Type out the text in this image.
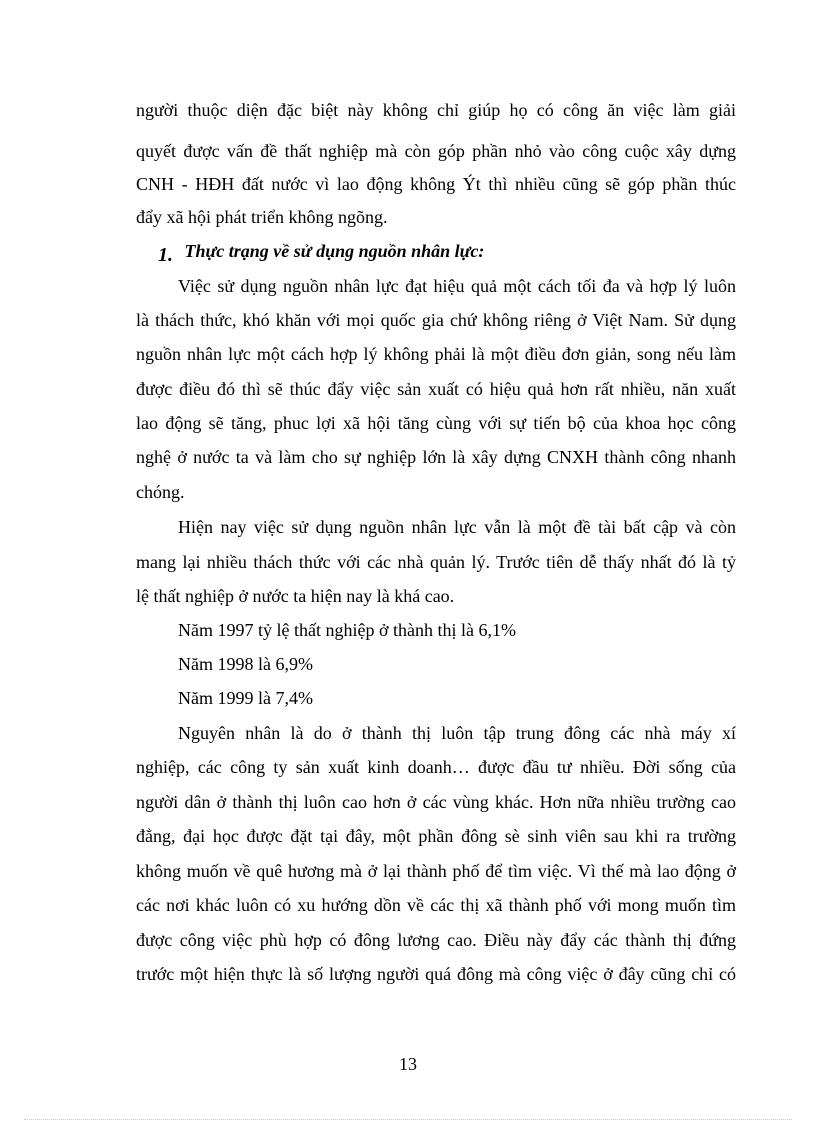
người thuộc diện đặc biệt này không chỉ giúp họ có công ăn việc làm giải
quyết được vấn đề thất nghiệp mà còn góp phần nhỏ vào công cuộc xây dựng
CNH - HĐH đất nước vì lao động không Ýt thì nhiều cũng sẽ góp phần thúc
đẩy xã hội phát triển không ngõng.
1. Thực trạng về sử dụng nguồn nhân lực:
Việc sử dụng nguồn nhân lực đạt hiệu quả một cách tối đa và hợp lý luôn
là thách thức, khó khăn với mọi quốc gia chứ không riêng ở Việt Nam. Sử dụng
nguồn nhân lực một cách hợp lý không phải là một điều đơn giản, song nếu làm
được điều đó thì sẽ thúc đẩy việc sản xuất có hiệu quả hơn rất nhiều, năn xuất
lao động sẽ tăng, phuc lợi xã hội tăng cùng với sự tiến bộ của khoa học công
nghệ ở nước ta và làm cho sự nghiệp lớn là xây dựng CNXH thành công nhanh
chóng.
Hiện nay việc sử dụng nguồn nhân lực vẫn là một đề tài bất cập và còn
mang lại nhiều thách thức với các nhà quản lý. Trước tiên dễ thấy nhất đó là tỷ
lệ thất nghiệp ở nước ta hiện nay là khá cao.
Năm 1997 tỷ lệ thất nghiệp ở thành thị là 6,1%
Năm 1998 là 6,9%
Năm 1999 là 7,4%
Nguyên nhân là do ở thành thị luôn tập trung đông các nhà máy xí
nghiệp, các công ty sản xuất kinh doanh… được đầu tư nhiều. Đời sống của
người dân ở thành thị luôn cao hơn ở các vùng khác. Hơn nữa nhiều trường cao
đẳng, đại học được đặt tại đây, một phần đông sè sinh viên sau khi ra trường
không muốn về quê hương mà ở lại thành phố để tìm việc. Vì thế mà lao động ở
các nơi khác luôn có xu hướng dồn về các thị xã thành phố với mong muốn tìm
được công việc phù hợp có đông lương cao. Điều này đẩy các thành thị đứng
trước một hiện thực là số lượng người quá đông mà công việc ở đây cũng chỉ có
13
